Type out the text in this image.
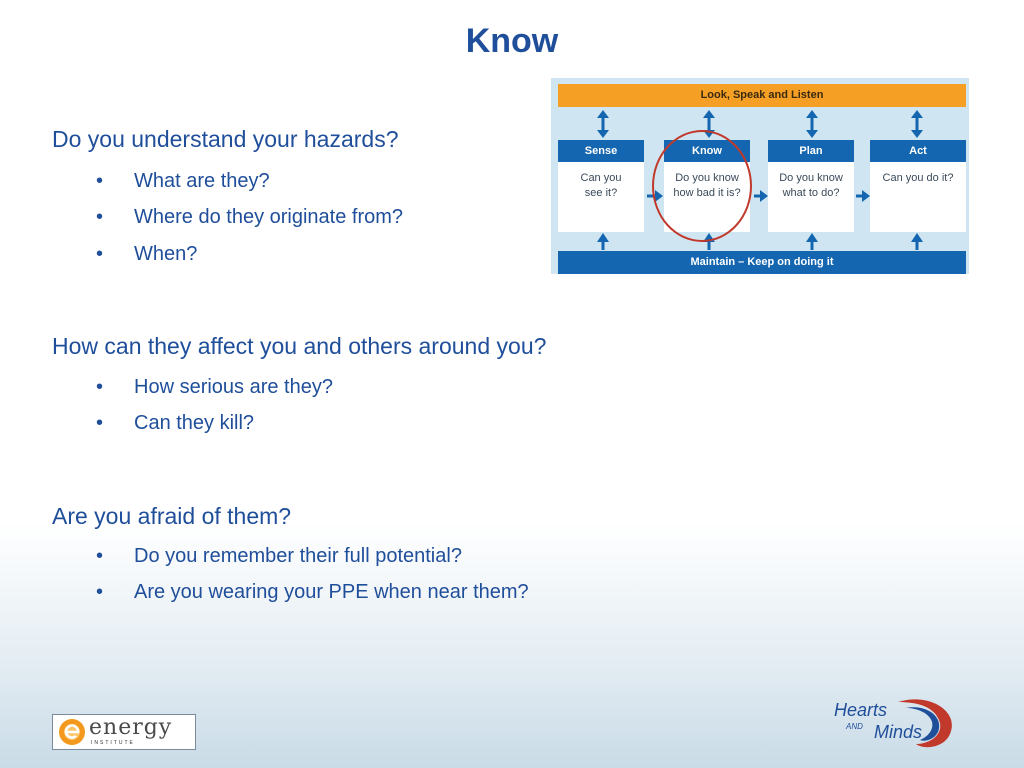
Know
Do you understand your hazards?
• What are they?
• Where do they originate from?
• When?
How can they affect you and others around you?
• How serious are they?
• Can they kill?
Are you afraid of them?
• Do you remember their full potential?
• Are you wearing your PPE when near them?
Look, Speak and Listen
Sense
Can you
see it?
Know
Do you know
how bad it is?
Plan
Do you know
what to do?
Act
Can you do it?
Maintain – Keep on doing it
energy
INSTITUTE
Hearts
AND Minds
